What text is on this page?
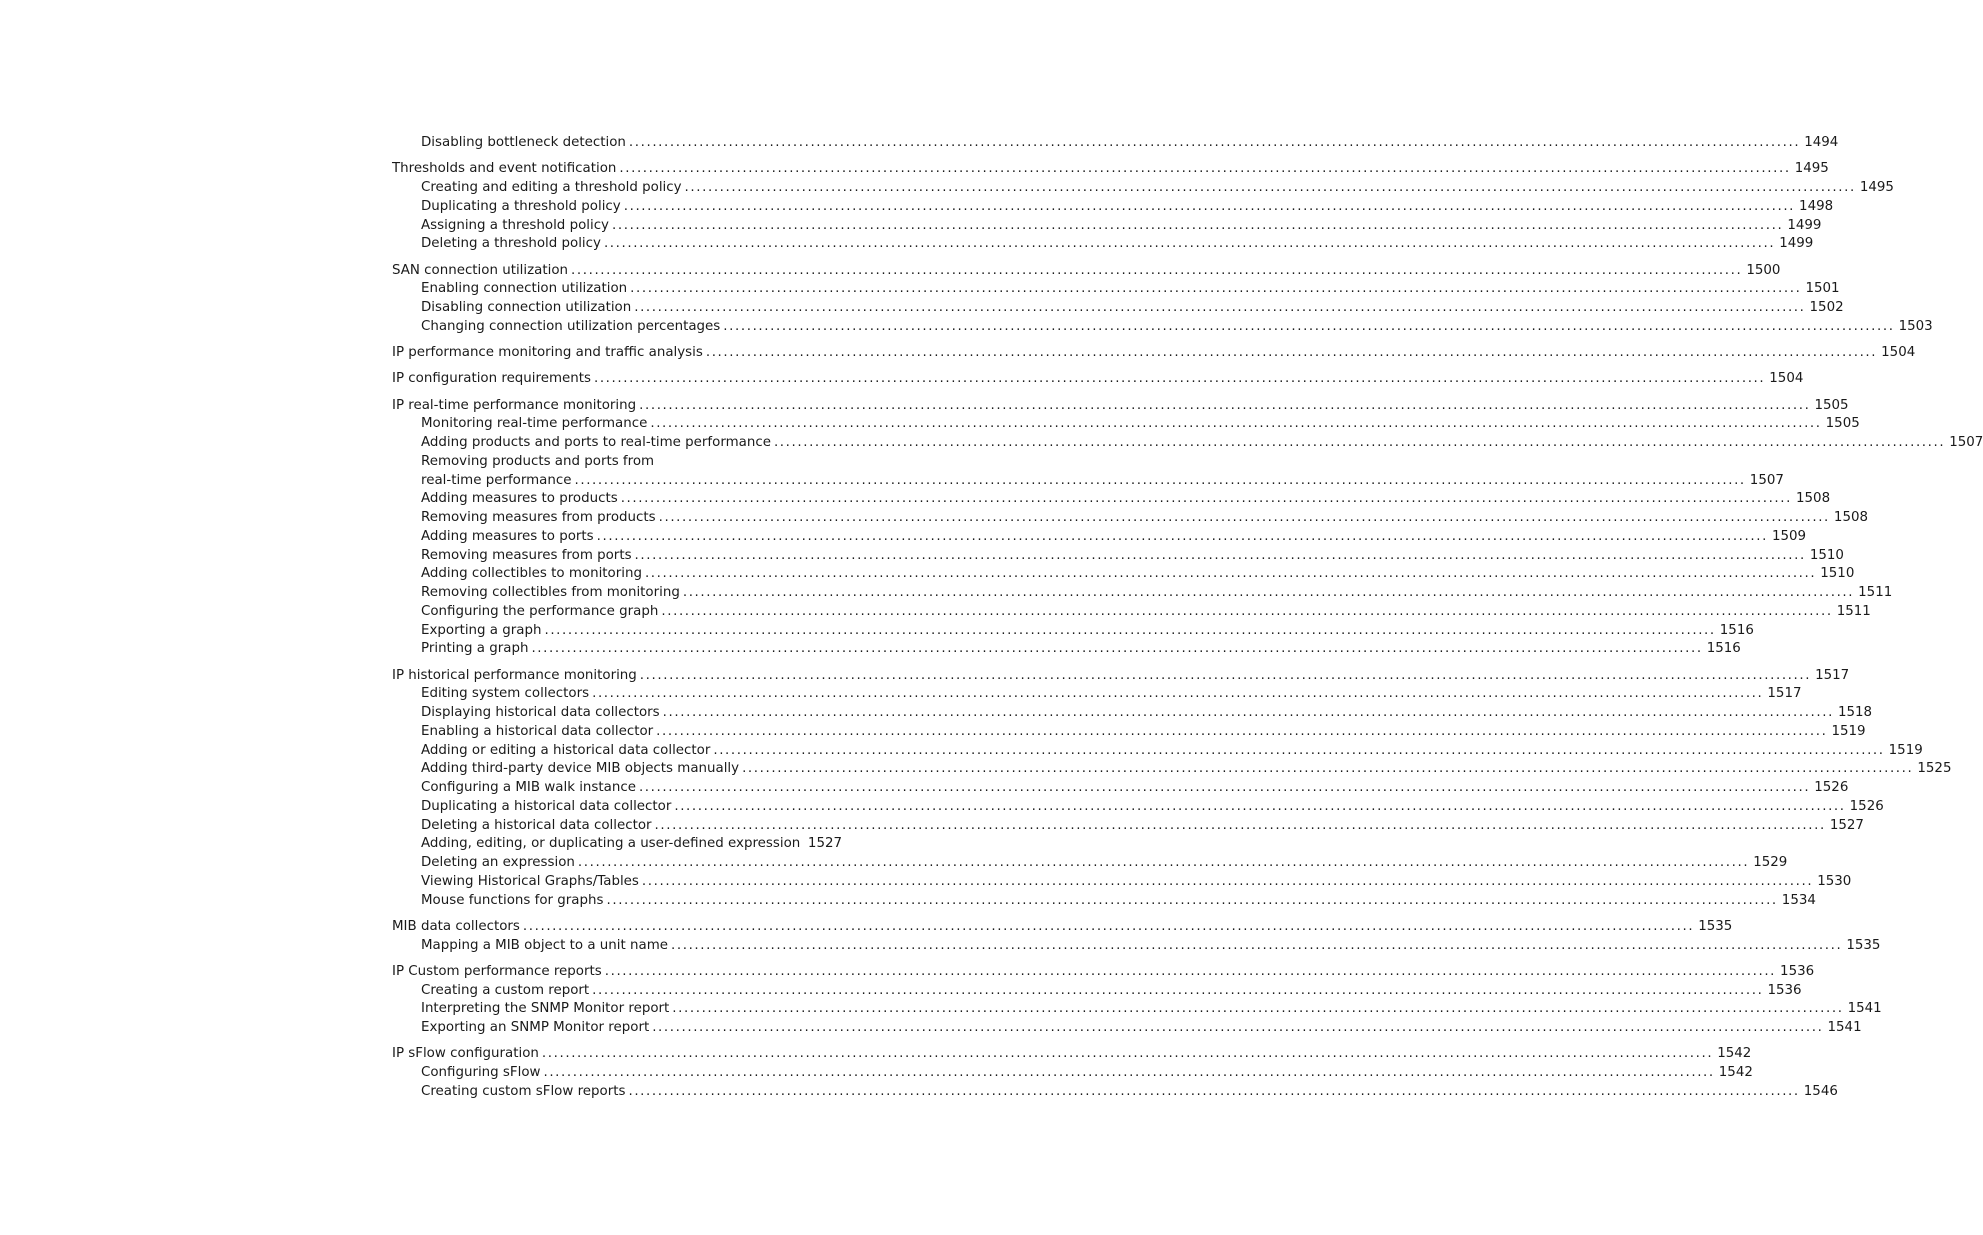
Disabling bottleneck detection ........................................................................................................................................................................................................ 1494
Thresholds and event notification ........................................................................................................................................................................................................ 1495
Creating and editing a threshold policy ........................................................................................................................................................................................................ 1495
Duplicating a threshold policy ........................................................................................................................................................................................................ 1498
Assigning a threshold policy ........................................................................................................................................................................................................ 1499
Deleting a threshold policy ........................................................................................................................................................................................................ 1499
SAN connection utilization ........................................................................................................................................................................................................ 1500
Enabling connection utilization ........................................................................................................................................................................................................ 1501
Disabling connection utilization ........................................................................................................................................................................................................ 1502
Changing connection utilization percentages ........................................................................................................................................................................................................ 1503
IP performance monitoring and traffic analysis ........................................................................................................................................................................................................ 1504
IP configuration requirements ........................................................................................................................................................................................................ 1504
IP real-time performance monitoring ........................................................................................................................................................................................................ 1505
Monitoring real-time performance ........................................................................................................................................................................................................ 1505
Adding products and ports to real-time performance ........................................................................................................................................................................................................ 1507
Removing products and ports from
real-time performance ........................................................................................................................................................................................................ 1507
Adding measures to products ........................................................................................................................................................................................................ 1508
Removing measures from products ........................................................................................................................................................................................................ 1508
Adding measures to ports ........................................................................................................................................................................................................ 1509
Removing measures from ports ........................................................................................................................................................................................................ 1510
Adding collectibles to monitoring ........................................................................................................................................................................................................ 1510
Removing collectibles from monitoring ........................................................................................................................................................................................................ 1511
Configuring the performance graph ........................................................................................................................................................................................................ 1511
Exporting a graph ........................................................................................................................................................................................................ 1516
Printing a graph ........................................................................................................................................................................................................ 1516
IP historical performance monitoring ........................................................................................................................................................................................................ 1517
Editing system collectors ........................................................................................................................................................................................................ 1517
Displaying historical data collectors ........................................................................................................................................................................................................ 1518
Enabling a historical data collector ........................................................................................................................................................................................................ 1519
Adding or editing a historical data collector ........................................................................................................................................................................................................ 1519
Adding third-party device MIB objects manually ........................................................................................................................................................................................................ 1525
Configuring a MIB walk instance ........................................................................................................................................................................................................ 1526
Duplicating a historical data collector ........................................................................................................................................................................................................ 1526
Deleting a historical data collector ........................................................................................................................................................................................................ 1527
Adding, editing, or duplicating a user-defined expression 1527
Deleting an expression ........................................................................................................................................................................................................ 1529
Viewing Historical Graphs/Tables ........................................................................................................................................................................................................ 1530
Mouse functions for graphs ........................................................................................................................................................................................................ 1534
MIB data collectors ........................................................................................................................................................................................................ 1535
Mapping a MIB object to a unit name ........................................................................................................................................................................................................ 1535
IP Custom performance reports ........................................................................................................................................................................................................ 1536
Creating a custom report ........................................................................................................................................................................................................ 1536
Interpreting the SNMP Monitor report ........................................................................................................................................................................................................ 1541
Exporting an SNMP Monitor report ........................................................................................................................................................................................................ 1541
IP sFlow configuration ........................................................................................................................................................................................................ 1542
Configuring sFlow ........................................................................................................................................................................................................ 1542
Creating custom sFlow reports ........................................................................................................................................................................................................ 1546
